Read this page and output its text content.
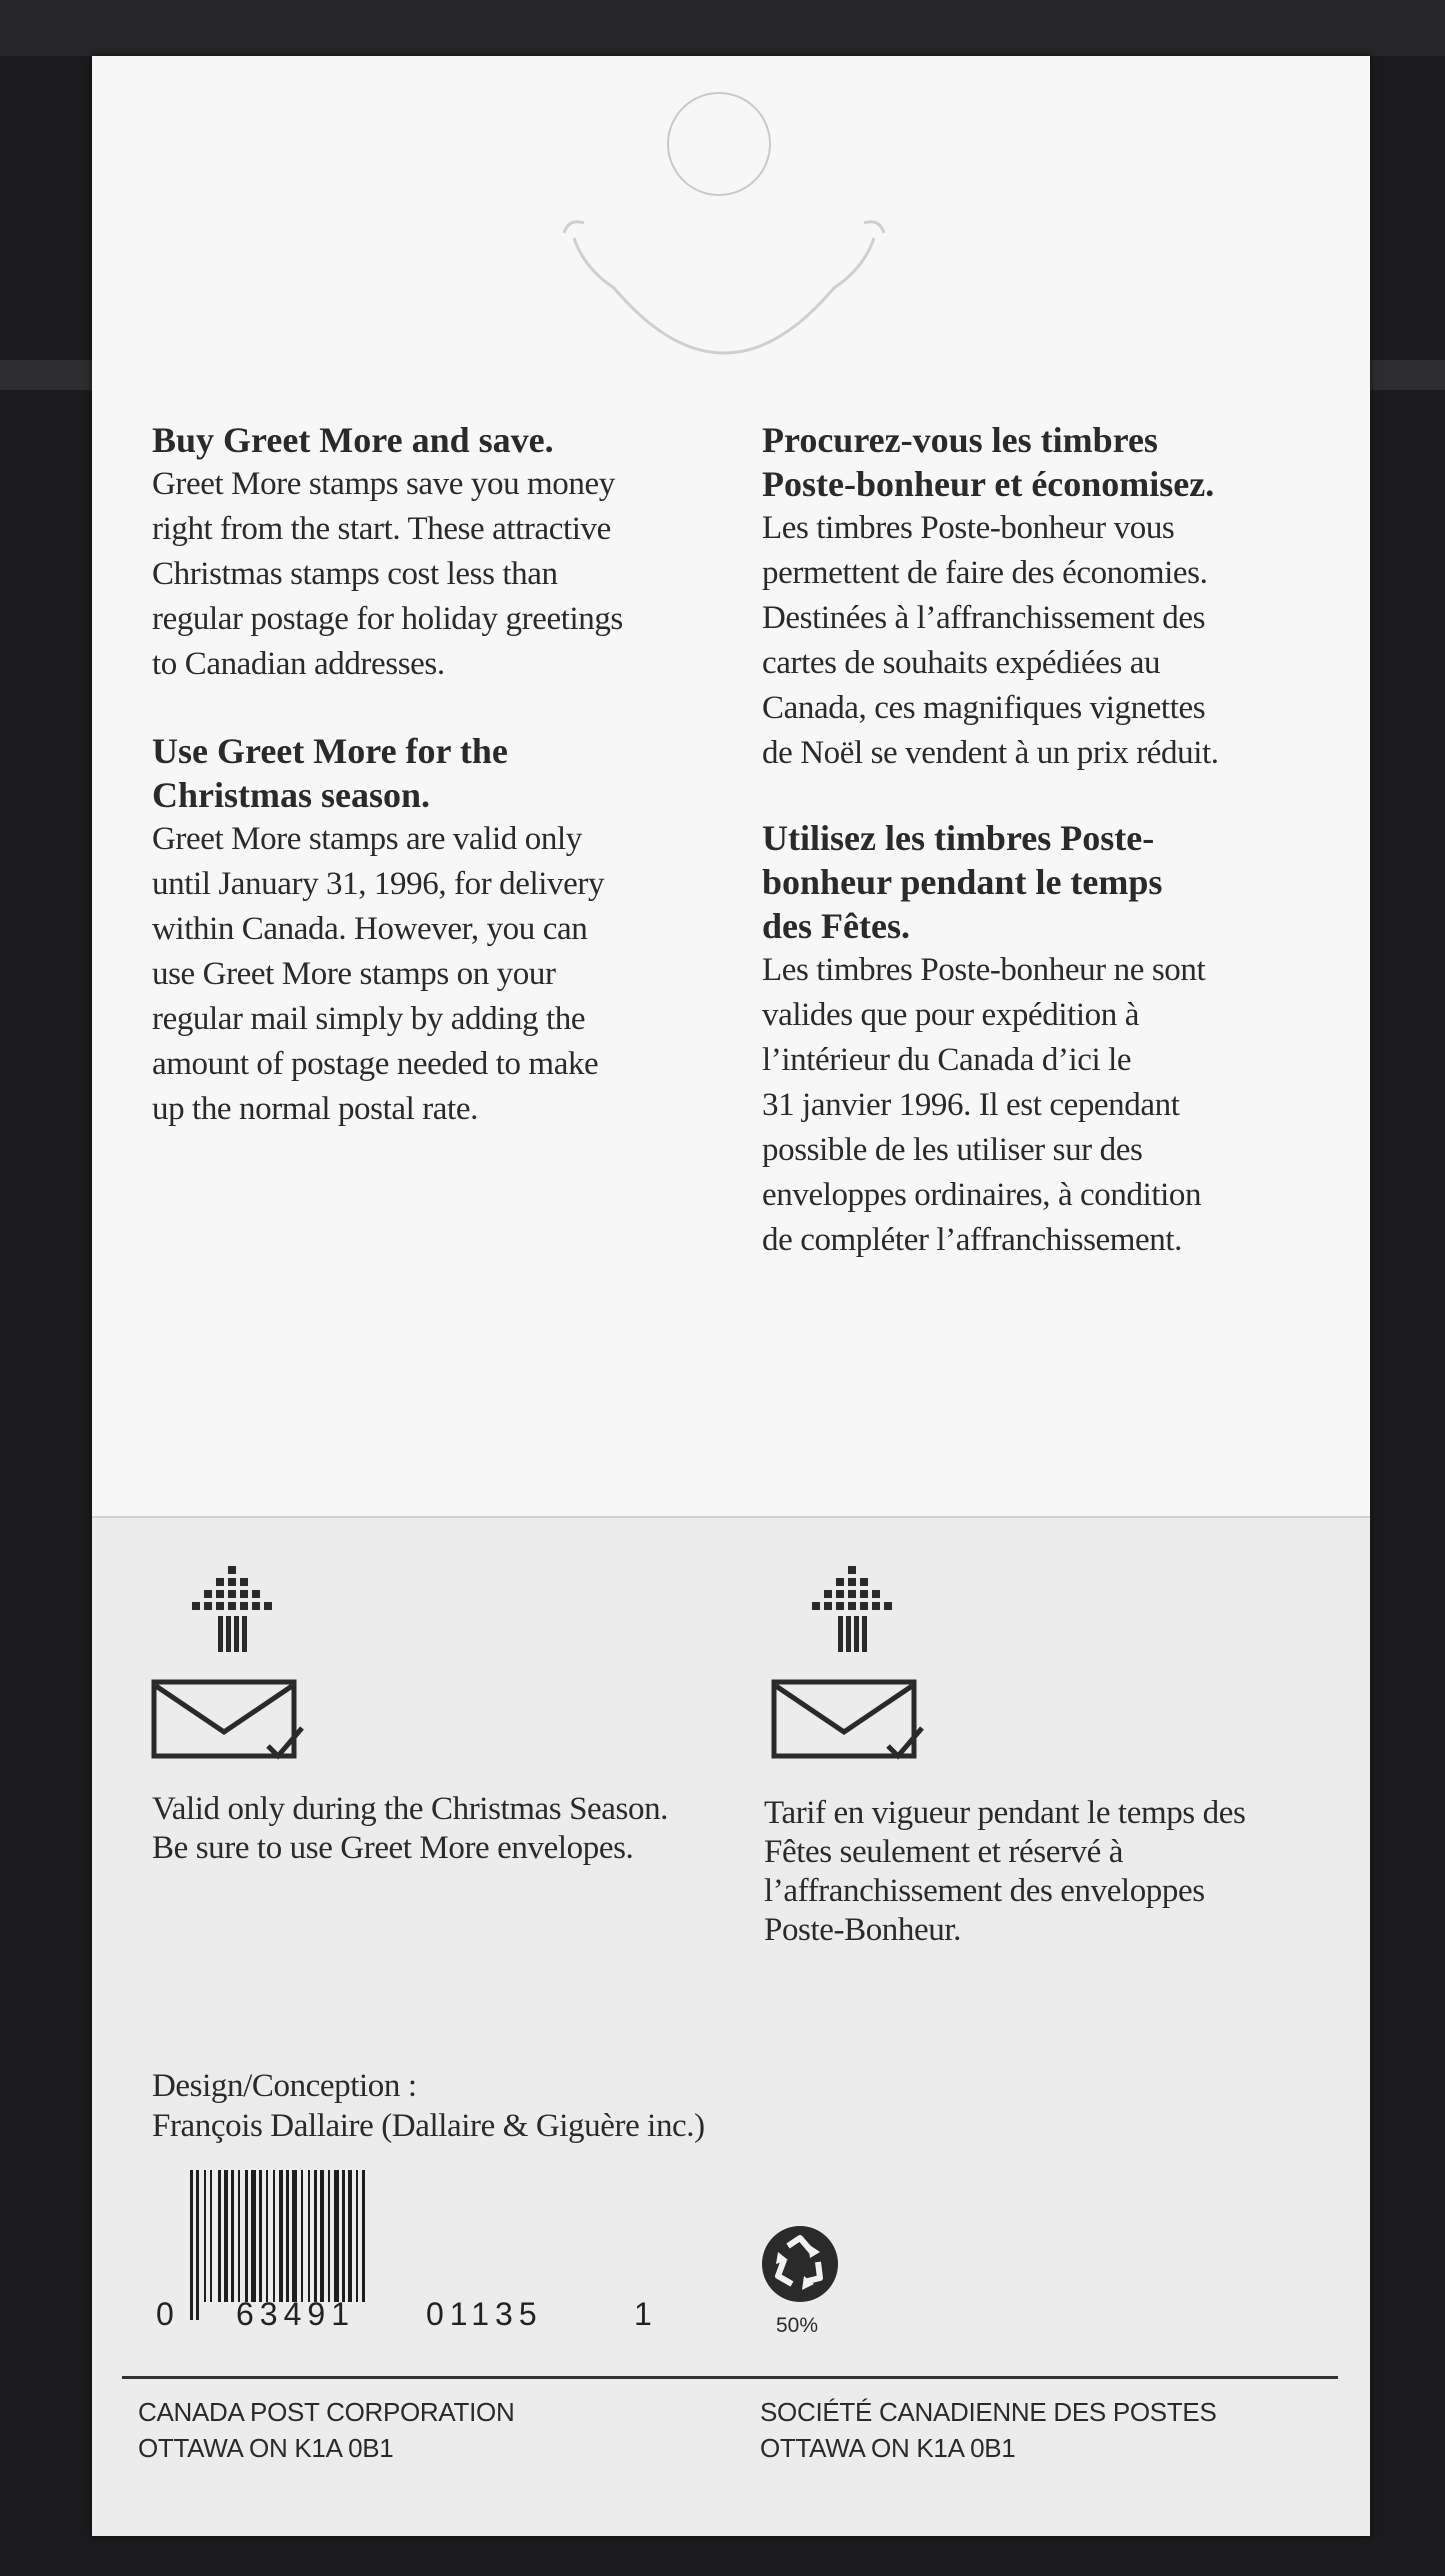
Buy Greet More and save.

Greet More stamps save you money
right from the start. These attractive
Christmas stamps cost less than
regular postage for holiday greetings
to Canadian addresses.

Use Greet More for the
Christmas season.

Greet More stamps are valid only
until January 31, 1996, for delivery
within Canada. However, you can
use Greet More stamps on your
regular mail simply by adding the
amount of postage needed to make
up the normal postal rate.

Procurez-vous les timbres
Poste-bonheur et économisez.

Les timbres Poste-bonheur vous
permettent de faire des économies.
Destinées à l’affranchissement des
cartes de souhaits expédiées au
Canada, ces magnifiques vignettes
de Noël se vendent à un prix réduit.

Utilisez les timbres Poste-
bonheur pendant le temps
des Fêtes.

Les timbres Poste-bonheur ne sont
valides que pour expédition à
l’intérieur du Canada d’ici le
31 janvier 1996. Il est cependant
possible de les utiliser sur des
enveloppes ordinaires, à condition
de compléter l’affranchissement.

Valid only during the Christmas Season.
Be sure to use Greet More envelopes.
Tarif en vigueur pendant le temps des
Fêtes seulement et réservé à
l’affranchissement des enveloppes
Poste-Bonheur.
Design/Conception :
François Dallaire (Dallaire & Giguère inc.)
0 63491 01135	1	50%
CANADA POST CORPORATION
OTTAWA ON K1A 0B1
SOCIÉTÉ CANADIENNE DES POSTES
OTTAWA ON K1A 0B1
